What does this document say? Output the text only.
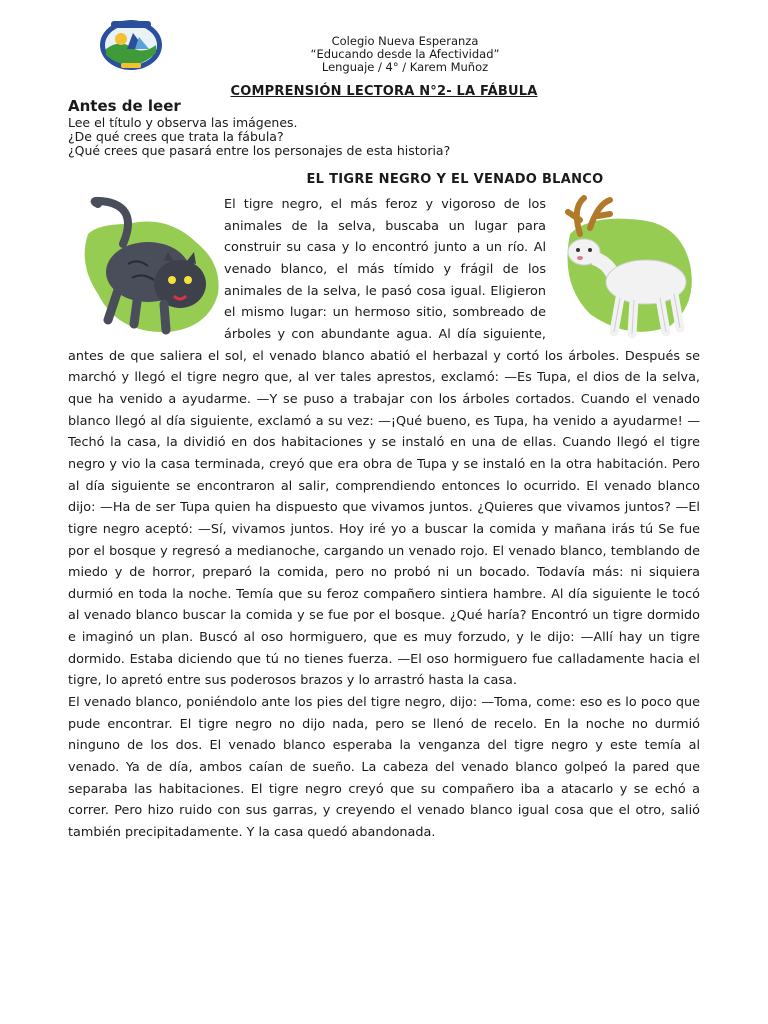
Colegio Nueva Esperanza
“Educando desde la Afectividad”
Lenguaje / 4° / Karem Muñoz
COMPRENSIÓN LECTORA N°2- LA FÁBULA
Antes de leer
Lee el título y observa las imágenes.
¿De qué crees que trata la fábula?
¿Qué crees que pasará entre los personajes de esta historia?
EL TIGRE NEGRO Y EL VENADO BLANCO

El tigre negro, el más feroz y vigoroso de los animales de la selva, buscaba un lugar para construir su casa y lo encontró junto a un río. Al venado blanco, el más tímido y frágil de los animales de la selva, le pasó cosa igual. Eligieron el mismo lugar: un hermoso sitio, sombreado de árboles y con abundante agua. Al día siguiente, antes de que saliera el sol, el venado blanco abatió el herbazal y cortó los árboles. Después se marchó y llegó el tigre negro que, al ver tales aprestos, exclamó: —Es Tupa, el dios de la selva, que ha venido a ayudarme. —Y se puso a trabajar con los árboles cortados. Cuando el venado blanco llegó al día siguiente, exclamó a su vez: —¡Qué bueno, es Tupa, ha venido a ayudarme! —Techó la casa, la dividió en dos habitaciones y se instaló en una de ellas. Cuando llegó el tigre negro y vio la casa terminada, creyó que era obra de Tupa y se instaló en la otra habitación. Pero al día siguiente se encontraron al salir, comprendiendo entonces lo ocurrido. El venado blanco dijo: —Ha de ser Tupa quien ha dispuesto que vivamos juntos. ¿Quieres que vivamos juntos? —El tigre negro aceptó: —Sí, vivamos juntos. Hoy iré yo a buscar la comida y mañana irás tú Se fue por el bosque y regresó a medianoche, cargando un venado rojo. El venado blanco, temblando de miedo y de horror, preparó la comida, pero no probó ni un bocado. Todavía más: ni siquiera durmió en toda la noche. Temía que su feroz compañero sintiera hambre. Al día siguiente le tocó al venado blanco buscar la comida y se fue por el bosque. ¿Qué haría? Encontró un tigre dormido e imaginó un plan. Buscó al oso hormiguero, que es muy forzudo, y le dijo: —Allí hay un tigre dormido. Estaba diciendo que tú no tienes fuerza. —El oso hormiguero fue calladamente hacia el tigre, lo apretó entre sus poderosos brazos y lo arrastró hasta la casa.

El venado blanco, poniéndolo ante los pies del tigre negro, dijo: —Toma, come: eso es lo poco que pude encontrar. El tigre negro no dijo nada, pero se llenó de recelo. En la noche no durmió ninguno de los dos. El venado blanco esperaba la venganza del tigre negro y este temía al venado. Ya de día, ambos caían de sueño. La cabeza del venado blanco golpeó la pared que separaba las habitaciones. El tigre negro creyó que su compañero iba a atacarlo y se echó a correr. Pero hizo ruido con sus garras, y creyendo el venado blanco igual cosa que el otro, salió también precipitadamente. Y la casa quedó abandonada.
